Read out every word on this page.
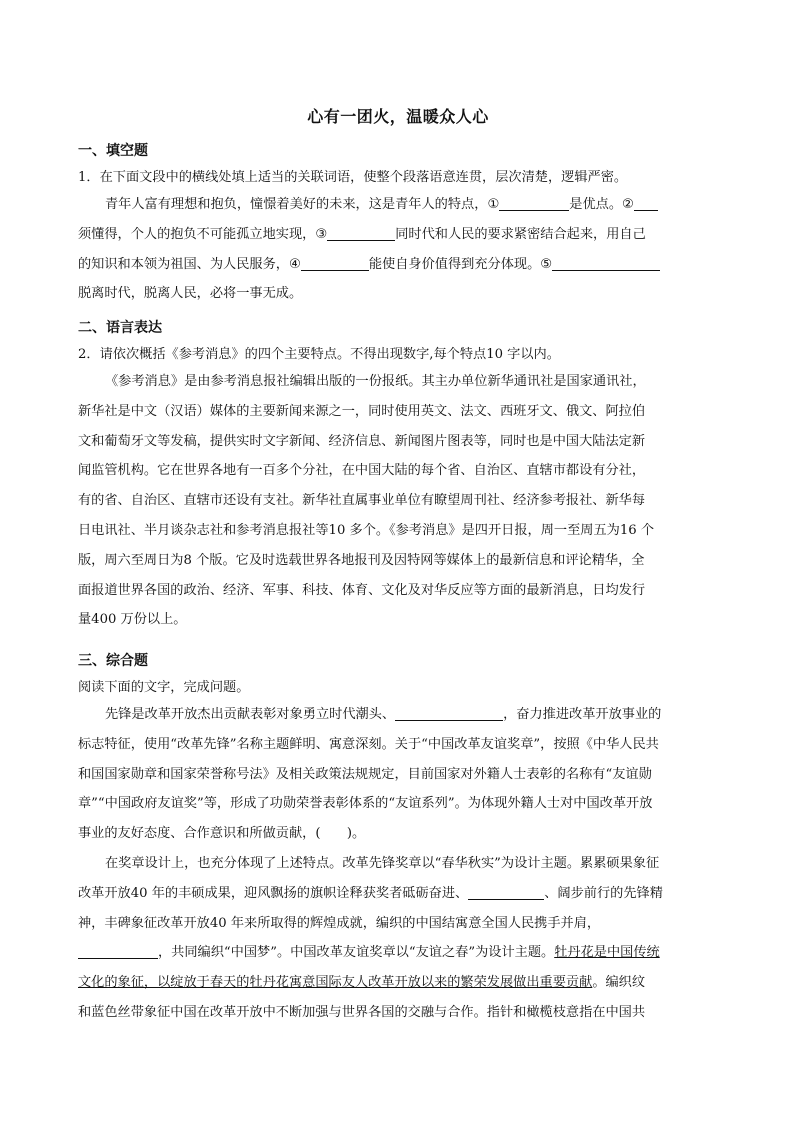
心有一团火，温暖众人心
一、填空题
1．在下面文段中的横线处填上适当的关联词语，使整个段落语意连贯，层次清楚，逻辑严密。
青年人富有理想和抱负，憧憬着美好的未来，这是青年人的特点，①	是优点。②
须懂得，个人的抱负不可能孤立地实现，③	同时代和人民的要求紧密结合起来，用自己
的知识和本领为祖国、为人民服务，④	能使自身价值得到充分体现。⑤
脱离时代，脱离人民，必将一事无成。
二、语言表达
2．请依次概括《参考消息》的四个主要特点。不得出现数字,每个特点10 字以内。
《参考消息》是由参考消息报社编辑出版的一份报纸。其主办单位新华通讯社是国家通讯社，
新华社是中文（汉语）媒体的主要新闻来源之一，同时使用英文、法文、西班牙文、俄文、阿拉伯
文和葡萄牙文等发稿，提供实时文字新闻、经济信息、新闻图片图表等，同时也是中国大陆法定新
闻监管机构。它在世界各地有一百多个分社，在中国大陆的每个省、自治区、直辖市都设有分社，
有的省、自治区、直辖市还设有支社。新华社直属事业单位有瞭望周刊社、经济参考报社、新华每
日电讯社、半月谈杂志社和参考消息报社等10 多个。《参考消息》是四开日报，周一至周五为16 个
版，周六至周日为8 个版。它及时选载世界各地报刊及因特网等媒体上的最新信息和评论精华，全
面报道世界各国的政治、经济、军事、科技、体育、文化及对华反应等方面的最新消息，日均发行
量400 万份以上。
三、综合题
阅读下面的文字，完成问题。
先锋是改革开放杰出贡献表彰对象勇立时代潮头、	，奋力推进改革开放事业的
标志特征，使用“改革先锋”名称主题鲜明、寓意深刻。关于“中国改革友谊奖章”，按照《中华人民共
和国国家勋章和国家荣誉称号法》及相关政策法规规定，目前国家对外籍人士表彰的名称有“友谊勋
章”“中国政府友谊奖”等，形成了功勋荣誉表彰体系的“友谊系列”。为体现外籍人士对中国改革开放
事业的友好态度、合作意识和所做贡献，(　　)。
在奖章设计上，也充分体现了上述特点。改革先锋奖章以“春华秋实”为设计主题。累累硕果象征
改革开放40 年的丰硕成果，迎风飘扬的旗帜诠释获奖者砥砺奋进、	、阔步前行的先锋精
神，丰碑象征改革开放40 年来所取得的辉煌成就，编织的中国结寓意全国人民携手并肩，
，共同编织“中国梦”。中国改革友谊奖章以“友谊之春”为设计主题。牡丹花是中国传统
文化的象征，以绽放于春天的牡丹花寓意国际友人改革开放以来的繁荣发展做出重要贡献。编织纹
和蓝色丝带象征中国在改革开放中不断加强与世界各国的交融与合作。指针和橄榄枝意指在中国共
